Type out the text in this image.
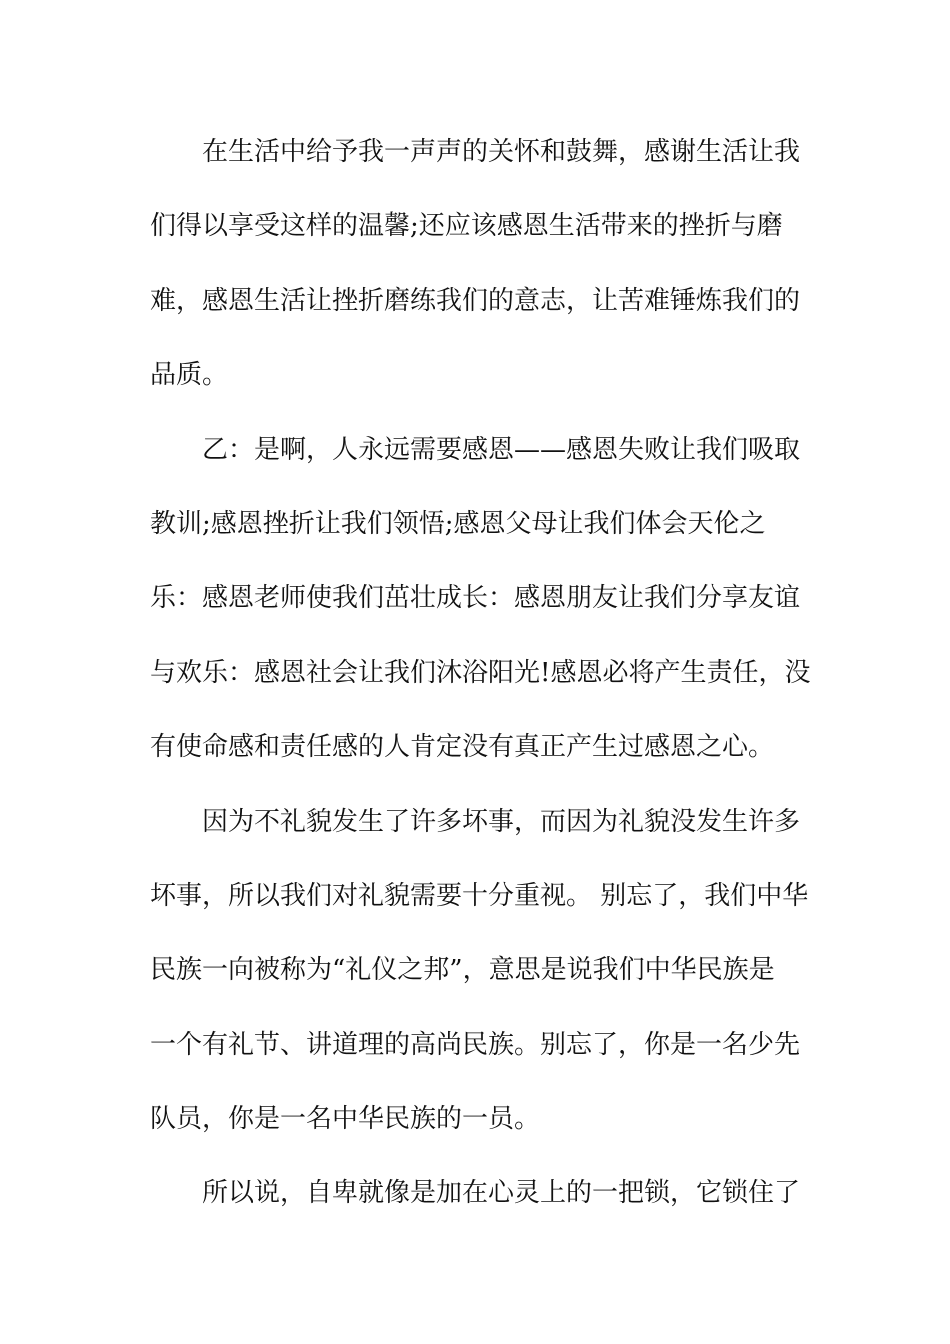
在生活中给予我一声声的关怀和鼓舞，感谢生活让我
们得以享受这样的温馨;还应该感恩生活带来的挫折与磨
难，感恩生活让挫折磨练我们的意志，让苦难锤炼我们的
品质。
乙：是啊，人永远需要感恩——感恩失败让我们吸取
教训;感恩挫折让我们领悟;感恩父母让我们体会天伦之
乐：感恩老师使我们茁壮成长：感恩朋友让我们分享友谊
与欢乐：感恩社会让我们沐浴阳光!感恩必将产生责任，没
有使命感和责任感的人肯定没有真正产生过感恩之心。
因为不礼貌发生了许多坏事，而因为礼貌没发生许多
坏事，所以我们对礼貌需要十分重视。 别忘了，我们中华
民族一向被称为“礼仪之邦”，意思是说我们中华民族是
一个有礼节、讲道理的高尚民族。别忘了，你是一名少先
队员，你是一名中华民族的一员。
所以说，自卑就像是加在心灵上的一把锁，它锁住了
